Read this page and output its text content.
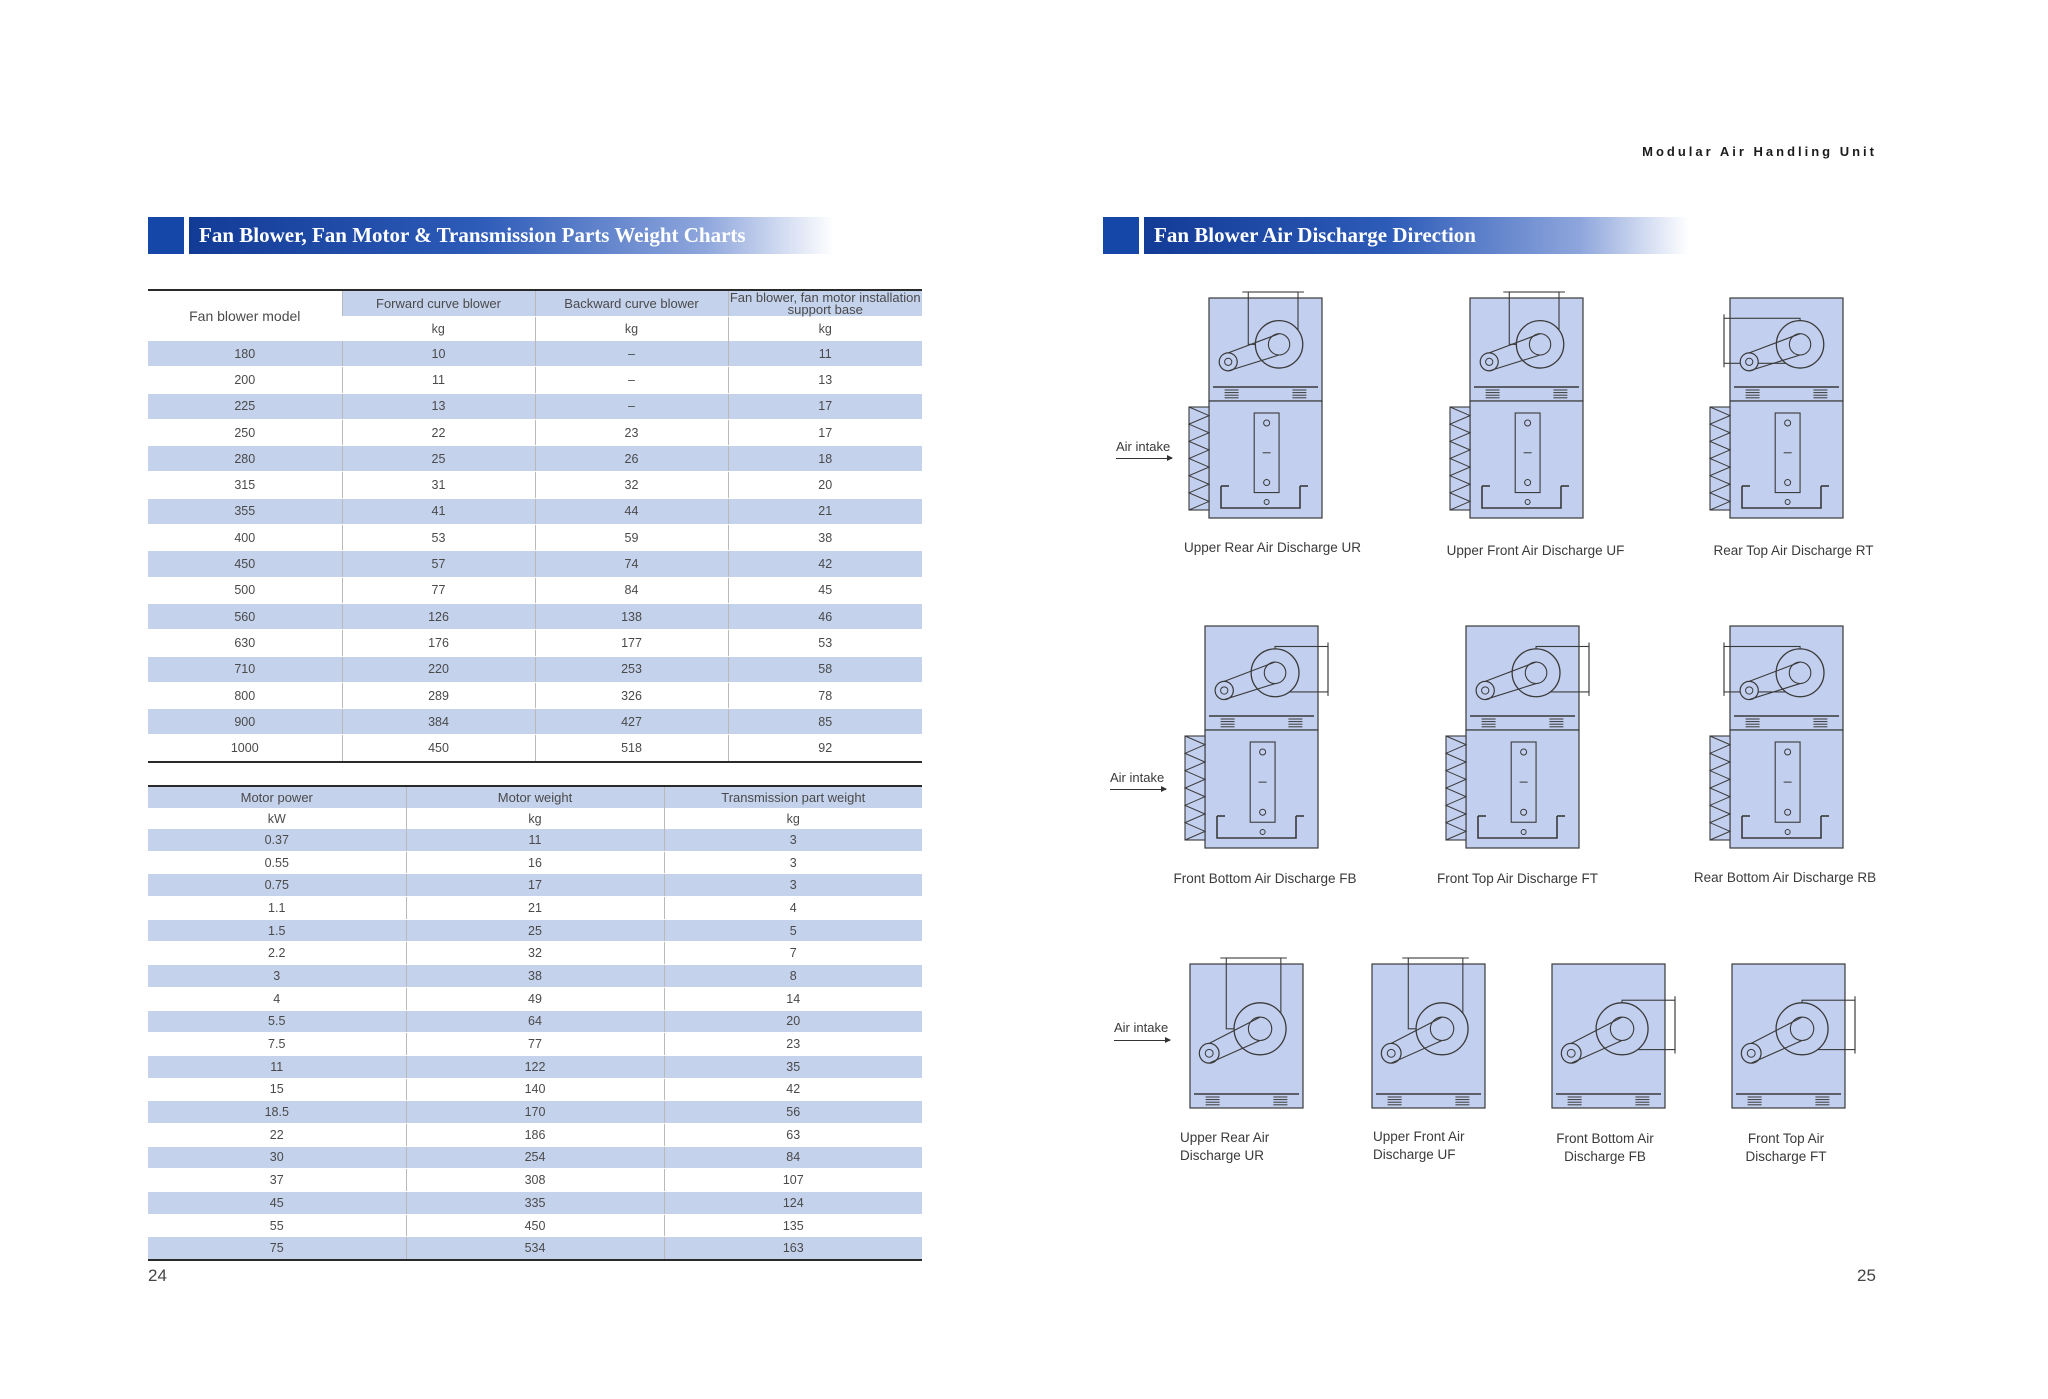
Modular Air Handling Unit
Fan Blower, Fan Motor & Transmission Parts Weight Charts
Fan blower model	Forward curve blower	Backward curve blower	Fan blower, fan motor installation support base
	kg	kg	kg
180	10	–	11
200	11	–	13
225	13	–	17
250	22	23	17
280	25	26	18
315	31	32	20
355	41	44	21
400	53	59	38
450	57	74	42
500	77	84	45
560	126	138	46
630	176	177	53
710	220	253	58
800	289	326	78
900	384	427	85
1000	450	518	92
Motor power	Motor weight	Transmission part weight
kW	kg	kg
0.37	11	3
0.55	16	3
0.75	17	3
1.1	21	4
1.5	25	5
2.2	32	7
3	38	8
4	49	14
5.5	64	20
7.5	77	23
11	122	35
15	140	42
18.5	170	56
22	186	63
30	254	84
37	308	107
45	335	124
55	450	135
75	534	163
24
Fan Blower Air Discharge Direction
Air intake
Air intake
Air intake
Upper Rear Air Discharge UR	Upper Front Air Discharge UF	Rear Top Air Discharge RT
Front Bottom Air Discharge FB	Front Top Air Discharge FT	Rear Bottom Air Discharge RB
Upper Rear Air
Discharge UR
Upper Front Air
Discharge UF
Front Bottom Air
Discharge FB
Front Top Air
Discharge FT
25
